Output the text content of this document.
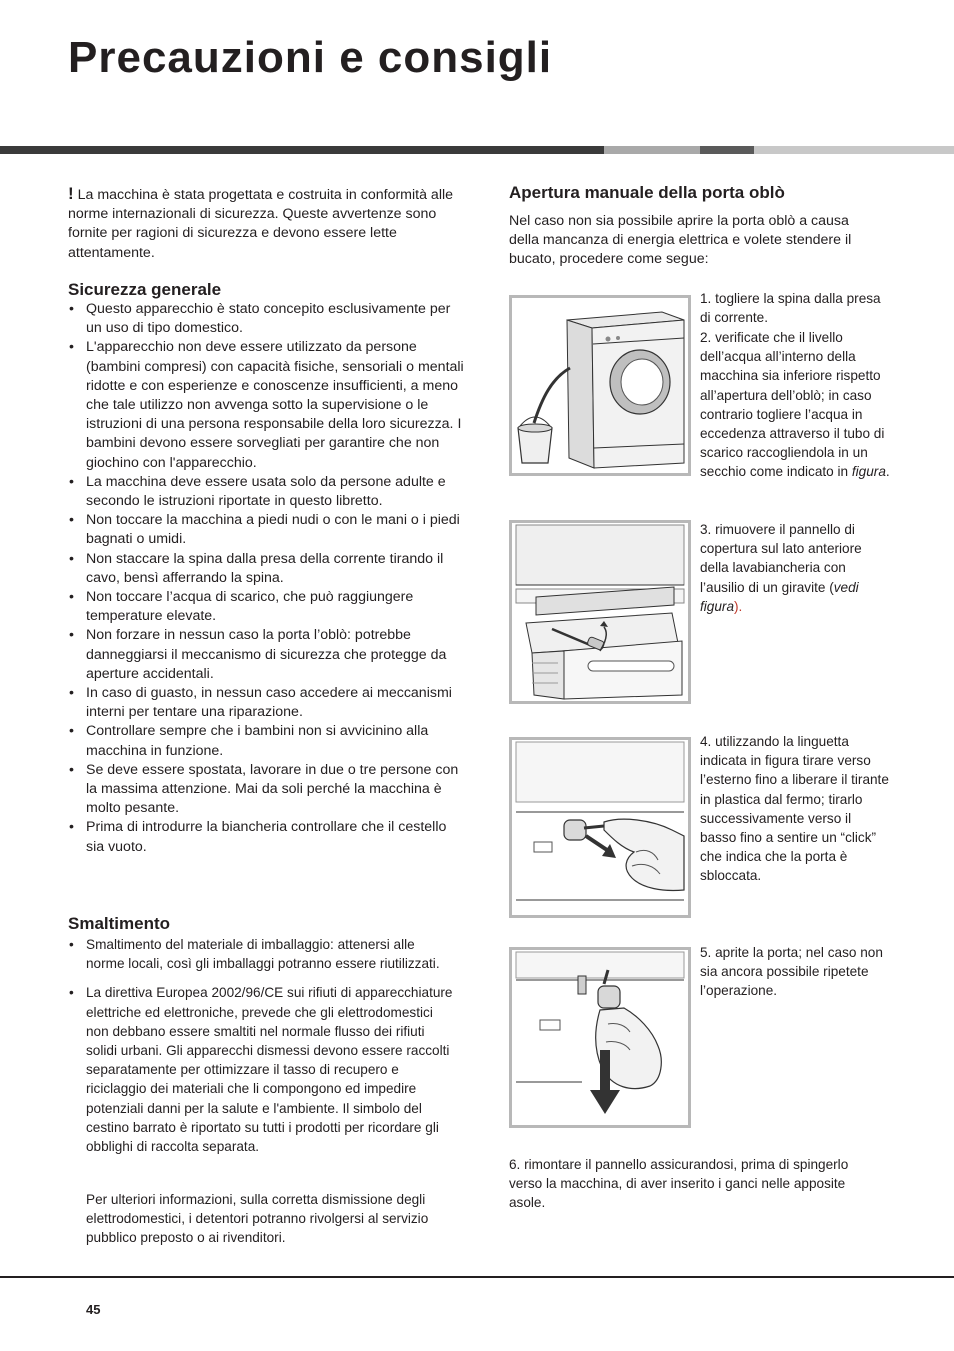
Precauzioni e consigli
! La macchina è stata progettata e costruita in conformità alle norme internazionali di sicurezza. Queste avvertenze sono fornite per ragioni di sicurezza e devono essere lette attentamente.
Sicurezza generale
• Questo apparecchio è stato concepito esclusivamente per un uso di tipo domestico.
• L'apparecchio non deve essere utilizzato da persone (bambini compresi) con capacità fisiche, sensoriali o mentali ridotte e con esperienze e conoscenze insufficienti, a meno che tale utilizzo non avvenga sotto la supervisione o le istruzioni di una persona responsabile della loro sicurezza. I bambini devono essere sorvegliati per garantire che non giochino con l'apparecchio.
• La macchina deve essere usata solo da persone adulte e secondo le istruzioni riportate in questo libretto.
• Non toccare la macchina a piedi nudi o con le mani o i piedi bagnati o umidi.
• Non staccare la spina dalla presa della corrente tirando il cavo, bensì afferrando la spina.
• Non toccare l’acqua di scarico, che può raggiungere temperature elevate.
• Non forzare in nessun caso la porta l’oblò: potrebbe danneggiarsi il meccanismo di sicurezza che protegge da aperture accidentali.
• In caso di guasto, in nessun caso accedere ai meccanismi interni per tentare una riparazione.
• Controllare sempre che i bambini non si avvicinino alla macchina in funzione.
• Se deve essere spostata, lavorare in due o tre persone con la massima attenzione. Mai da soli perché la macchina è molto pesante.
• Prima di introdurre la biancheria controllare che il cestello sia vuoto.
Smaltimento
• Smaltimento del materiale di imballaggio: attenersi alle norme locali, così gli imballaggi potranno essere riutilizzati.
• La direttiva Europea 2002/96/CE sui rifiuti di apparecchiature elettriche ed elettroniche, prevede che gli elettrodomestici non debbano essere smaltiti nel normale flusso dei rifiuti solidi urbani. Gli apparecchi dismessi devono essere raccolti separatamente per ottimizzare il tasso di recupero e riciclaggio dei materiali che li compongono ed impedire potenziali danni per la salute e l'ambiente. Il simbolo del cestino barrato è riportato su tutti i prodotti per ricordare gli obblighi di raccolta separata.
Per ulteriori informazioni, sulla corretta dismissione degli elettrodomestici, i detentori potranno rivolgersi al servizio pubblico preposto o ai rivenditori.
Apertura manuale della porta oblò
Nel caso non sia possibile aprire la porta oblò a causa della mancanza di energia elettrica e volete stendere il bucato, procedere come segue:
1. togliere la spina dalla presa di corrente.
2. verificate che il livello dell’acqua all’interno della macchina sia inferiore rispetto all’apertura dell’oblò; in caso contrario togliere l’acqua in eccedenza attraverso il tubo di scarico raccogliendola in un secchio come indicato in figura.
3. rimuovere il pannello di copertura sul lato anteriore della lavabiancheria con l’ausilio di un giravite (vedi figura).
4. utilizzando la linguetta indicata in figura tirare verso l’esterno fino a liberare il tirante in plastica dal fermo; tirarlo successivamente verso il basso fino a sentire un “click” che indica che la porta è sbloccata.
5. aprite la porta; nel caso non sia ancora possibile ripetete l’operazione.
6. rimontare il pannello assicurandosi, prima di spingerlo verso la macchina, di aver inserito i ganci nelle apposite asole.
45
